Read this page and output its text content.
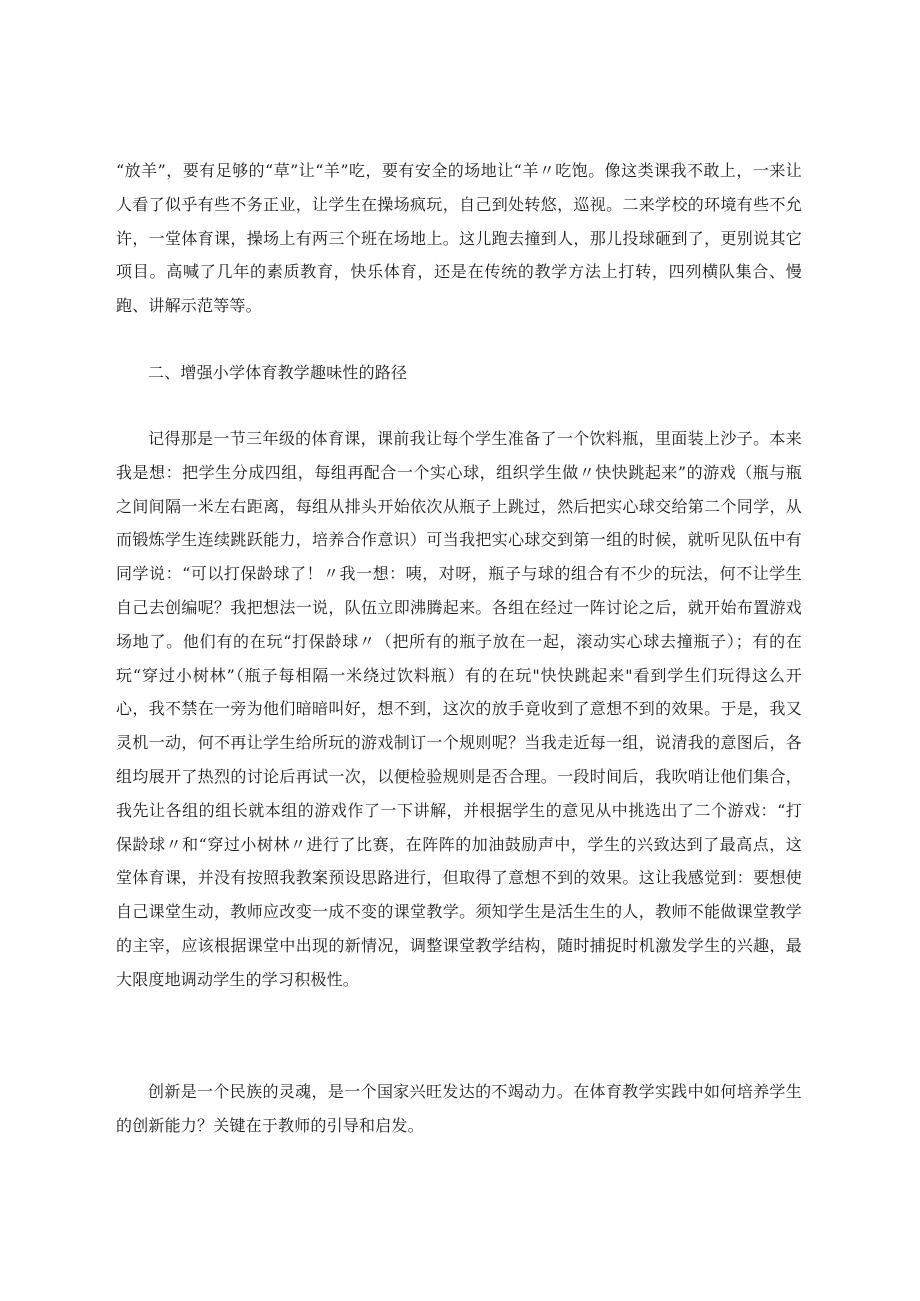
“放羊”，要有足够的“草”让“羊”吃，要有安全的场地让“羊〃吃饱。像这类课我不敢上，一来让人看了似乎有些不务正业，让学生在操场疯玩，自己到处转悠，巡视。二来学校的环境有些不允许，一堂体育课，操场上有两三个班在场地上。这儿跑去撞到人，那儿投球砸到了，更别说其它项目。高喊了几年的素质教育，快乐体育，还是在传统的教学方法上打转，四列横队集合、慢跑、讲解示范等等。

二、增强小学体育教学趣味性的路径

记得那是一节三年级的体育课，课前我让每个学生准备了一个饮料瓶，里面装上沙子。本来我是想：把学生分成四组，每组再配合一个实心球，组织学生做〃快快跳起来”的游戏（瓶与瓶之间间隔一米左右距离，每组从排头开始依次从瓶子上跳过，然后把实心球交给第二个同学，从而锻炼学生连续跳跃能力，培养合作意识）可当我把实心球交到第一组的时候，就听见队伍中有同学说：“可以打保龄球了！〃我一想：咦，对呀，瓶子与球的组合有不少的玩法，何不让学生自己去创编呢？我把想法一说，队伍立即沸腾起来。各组在经过一阵讨论之后，就开始布置游戏场地了。他们有的在玩“打保龄球〃（把所有的瓶子放在一起，滚动实心球去撞瓶子）；有的在玩“穿过小树林”（瓶子每相隔一米绕过饮料瓶）有的在玩"快快跳起来"看到学生们玩得这么开心，我不禁在一旁为他们暗暗叫好，想不到，这次的放手竟收到了意想不到的效果。于是，我又灵机一动，何不再让学生给所玩的游戏制订一个规则呢？当我走近每一组，说清我的意图后，各组均展开了热烈的讨论后再试一次，以便检验规则是否合理。一段时间后，我吹哨让他们集合，我先让各组的组长就本组的游戏作了一下讲解，并根据学生的意见从中挑选出了二个游戏：“打保龄球〃和“穿过小树林〃进行了比赛，在阵阵的加油鼓励声中，学生的兴致达到了最高点，这堂体育课，并没有按照我教案预设思路进行，但取得了意想不到的效果。这让我感觉到：要想使自己课堂生动，教师应改变一成不变的课堂教学。须知学生是活生生的人，教师不能做课堂教学的主宰，应该根据课堂中出现的新情况，调整课堂教学结构，随时捕捉时机激发学生的兴趣，最大限度地调动学生的学习积极性。

创新是一个民族的灵魂，是一个国家兴旺发达的不竭动力。在体育教学实践中如何培养学生的创新能力？关键在于教师的引导和启发。
